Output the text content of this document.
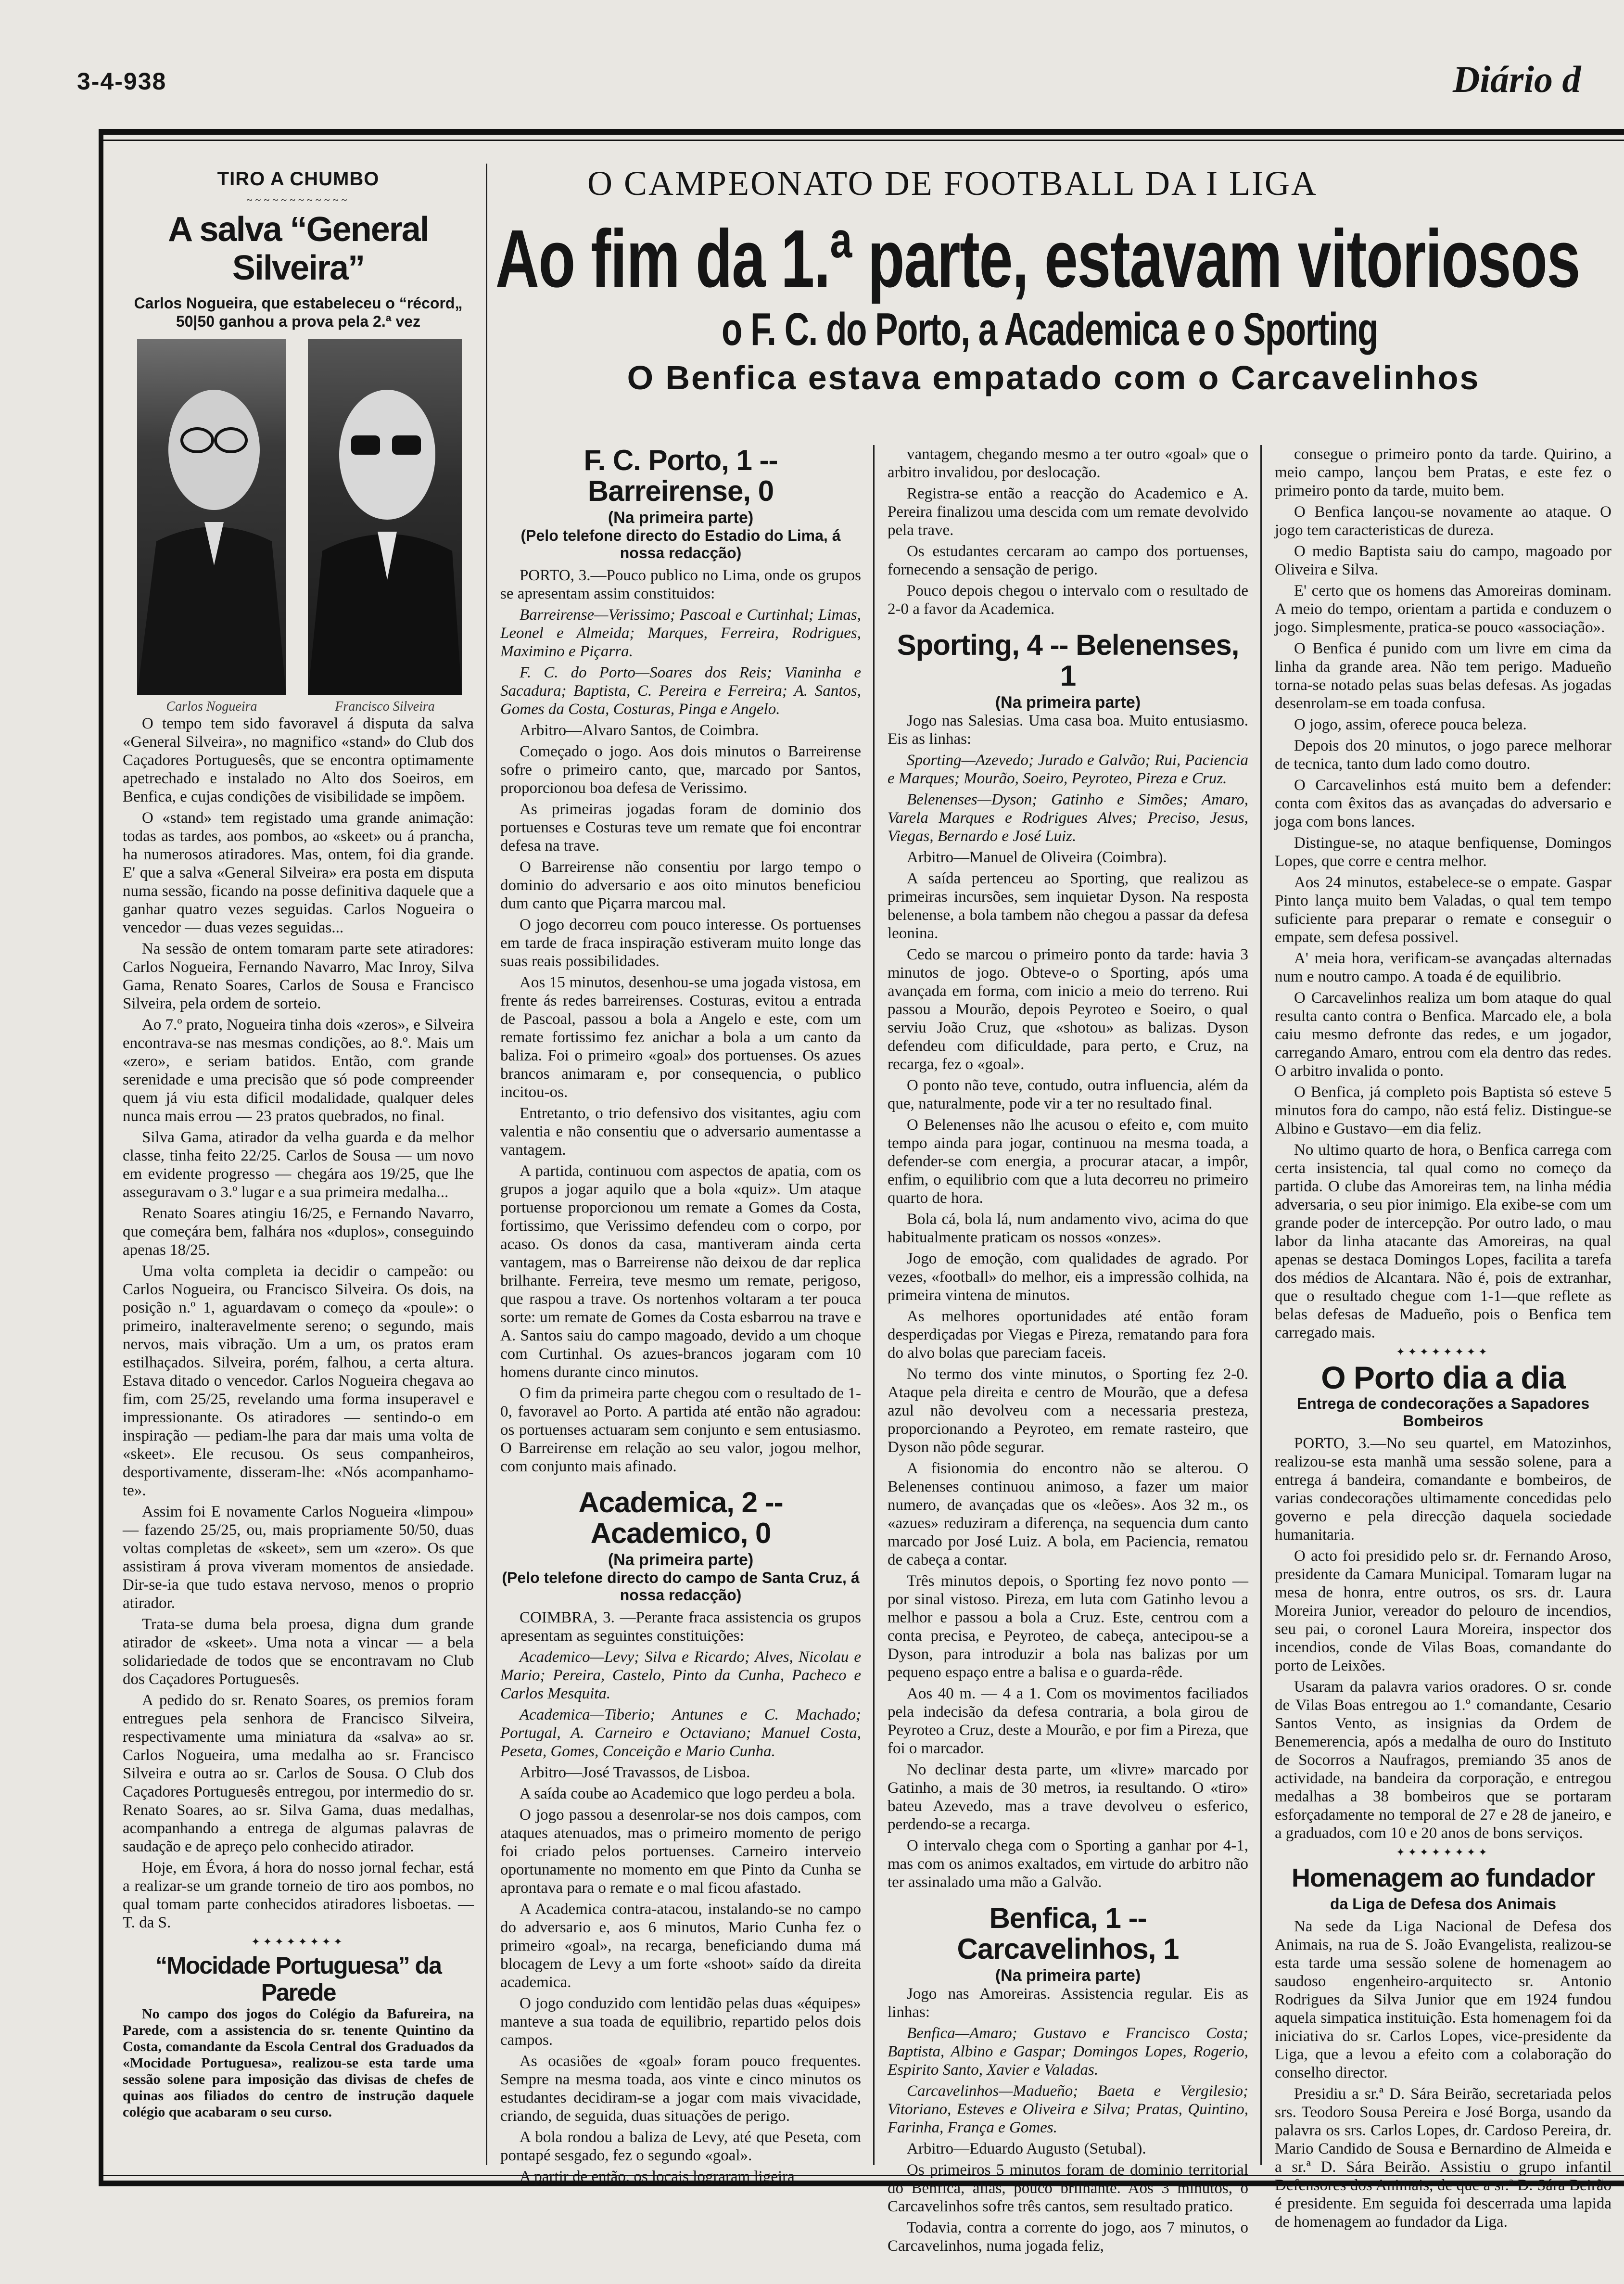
3-4-938	Diário d
TIRO A CHUMBO
~~~~~~~~~~~~
A salva “General Silveira”
Carlos Nogueira, que estabeleceu o “récord„ 50|50 ganhou a prova pela 2.ª vez
Carlos Nogueira	Francisco Silveira

O tempo tem sido favoravel á disputa da salva «General Silveira», no magnifico «stand» do Club dos Caçadores Portuguesês, que se encontra optimamente apetrechado e instalado no Alto dos Soeiros, em Benfica, e cujas condições de visibilidade se impõem.

O «stand» tem registado uma grande animação: todas as tardes, aos pombos, ao «skeet» ou á prancha, ha numerosos atiradores. Mas, ontem, foi dia grande. E' que a salva «General Silveira» era posta em disputa numa sessão, ficando na posse definitiva daquele que a ganhar quatro vezes seguidas. Carlos Nogueira o vencedor — duas vezes seguidas...

Na sessão de ontem tomaram parte sete atiradores: Carlos Nogueira, Fernando Navarro, Mac Inroy, Silva Gama, Renato Soares, Carlos de Sousa e Francisco Silveira, pela ordem de sorteio.

Ao 7.º prato, Nogueira tinha dois «zeros», e Silveira encontrava-se nas mesmas condições, ao 8.º. Mais um «zero», e seriam batidos. Então, com grande serenidade e uma precisão que só pode compreender quem já viu esta dificil modalidade, qualquer deles nunca mais errou — 23 pratos quebrados, no final.

Silva Gama, atirador da velha guarda e da melhor classe, tinha feito 22/25. Carlos de Sousa — um novo em evidente progresso — chegára aos 19/25, que lhe asseguravam o 3.º lugar e a sua primeira medalha...

Renato Soares atingiu 16/25, e Fernando Navarro, que começára bem, falhára nos «duplos», conseguindo apenas 18/25.

Uma volta completa ia decidir o campeão: ou Carlos Nogueira, ou Francisco Silveira. Os dois, na posição n.º 1, aguardavam o começo da «poule»: o primeiro, inalteravelmente sereno; o segundo, mais nervos, mais vibração. Um a um, os pratos eram estilhaçados. Silveira, porém, falhou, a certa altura. Estava ditado o vencedor. Carlos Nogueira chegava ao fim, com 25/25, revelando uma forma insuperavel e impressionante. Os atiradores — sentindo-o em inspiração — pediam-lhe para dar mais uma volta de «skeet». Ele recusou. Os seus companheiros, desportivamente, disseram-lhe: «Nós acompanhamo-te».

Assim foi E novamente Carlos Nogueira «limpou» — fazendo 25/25, ou, mais propriamente 50/50, duas voltas completas de «skeet», sem um «zero». Os que assistiram á prova viveram momentos de ansiedade. Dir-se-ia que tudo estava nervoso, menos o proprio atirador.

Trata-se duma bela proesa, digna dum grande atirador de «skeet». Uma nota a vincar — a bela solidariedade de todos que se encontravam no Club dos Caçadores Portuguesês.

A pedido do sr. Renato Soares, os premios foram entregues pela senhora de Francisco Silveira, respectivamente uma miniatura da «salva» ao sr. Carlos Nogueira, uma medalha ao sr. Francisco Silveira e outra ao sr. Carlos de Sousa. O Club dos Caçadores Portuguesês entregou, por intermedio do sr. Renato Soares, ao sr. Silva Gama, duas medalhas, acompanhando a entrega de algumas palavras de saudação e de apreço pelo conhecido atirador.

Hoje, em Évora, á hora do nosso jornal fechar, está a realizar-se um grande torneio de tiro aos pombos, no qual tomam parte conhecidos atiradores lisboetas. — T. da S.

✦✦✦✦✦✦✦✦
“Mocidade Portuguesa” da Parede

No campo dos jogos do Colégio da Bafureira, na Parede, com a assistencia do sr. tenente Quintino da Costa, comandante da Escola Central dos Graduados da «Mocidade Portuguesa», realizou-se esta tarde uma sessão solene para imposição das divisas de chefes de quinas aos filiados do centro de instrução daquele colégio que acabaram o seu curso.

O CAMPEONATO DE FOOTBALL DA I LIGA
Ao fim da 1.ª parte, estavam vitoriosos
o F. C. do Porto, a Academica e o Sporting
O Benfica estava empatado com o Carcavelinhos
F. C. Porto, 1 -- Barreirense, 0
(Na primeira parte)
(Pelo telefone directo do Estadio do Lima, á nossa redacção)

PORTO, 3.—Pouco publico no Lima, onde os grupos se apresentam assim constituidos:

Barreirense—Verissimo; Pascoal e Curtinhal; Limas, Leonel e Almeida; Marques, Ferreira, Rodrigues, Maximino e Piçarra.

F. C. do Porto—Soares dos Reis; Vianinha e Sacadura; Baptista, C. Pereira e Ferreira; A. Santos, Gomes da Costa, Costuras, Pinga e Angelo.

Arbitro—Alvaro Santos, de Coimbra.

Começado o jogo. Aos dois minutos o Barreirense sofre o primeiro canto, que, marcado por Santos, proporcionou boa defesa de Verissimo.

As primeiras jogadas foram de dominio dos portuenses e Costuras teve um remate que foi encontrar defesa na trave.

O Barreirense não consentiu por largo tempo o dominio do adversario e aos oito minutos beneficiou dum canto que Piçarra marcou mal.

O jogo decorreu com pouco interesse. Os portuenses em tarde de fraca inspiração estiveram muito longe das suas reais possibilidades.

Aos 15 minutos, desenhou-se uma jogada vistosa, em frente ás redes barreirenses. Costuras, evitou a entrada de Pascoal, passou a bola a Angelo e este, com um remate fortissimo fez anichar a bola a um canto da baliza. Foi o primeiro «goal» dos portuenses. Os azues brancos animaram e, por consequencia, o publico incitou-os.

Entretanto, o trio defensivo dos visitantes, agiu com valentia e não consentiu que o adversario aumentasse a vantagem.

A partida, continuou com aspectos de apatia, com os grupos a jogar aquilo que a bola «quiz». Um ataque portuense proporcionou um remate a Gomes da Costa, fortissimo, que Verissimo defendeu com o corpo, por acaso. Os donos da casa, mantiveram ainda certa vantagem, mas o Barreirense não deixou de dar replica brilhante. Ferreira, teve mesmo um remate, perigoso, que raspou a trave. Os nortenhos voltaram a ter pouca sorte: um remate de Gomes da Costa esbarrou na trave e A. Santos saiu do campo magoado, devido a um choque com Curtinhal. Os azues-brancos jogaram com 10 homens durante cinco minutos.

O fim da primeira parte chegou com o resultado de 1-0, favoravel ao Porto. A partida até então não agradou: os portuenses actuaram sem conjunto e sem entusiasmo. O Barreirense em relação ao seu valor, jogou melhor, com conjunto mais afinado.

Academica, 2 -- Academico, 0
(Na primeira parte)
(Pelo telefone directo do campo de Santa Cruz, á nossa redacção)

COIMBRA, 3. —Perante fraca assistencia os grupos apresentam as seguintes constituições:

Academico—Levy; Silva e Ricardo; Alves, Nicolau e Mario; Pereira, Castelo, Pinto da Cunha, Pacheco e Carlos Mesquita.

Academica—Tiberio; Antunes e C. Machado; Portugal, A. Carneiro e Octaviano; Manuel Costa, Peseta, Gomes, Conceição e Mario Cunha.

Arbitro—José Travassos, de Lisboa.

A saída coube ao Academico que logo perdeu a bola.

O jogo passou a desenrolar-se nos dois campos, com ataques atenuados, mas o primeiro momento de perigo foi criado pelos portuenses. Carneiro interveio oportunamente no momento em que Pinto da Cunha se aprontava para o remate e o mal ficou afastado.

A Academica contra-atacou, instalando-se no campo do adversario e, aos 6 minutos, Mario Cunha fez o primeiro «goal», na recarga, beneficiando duma má blocagem de Levy a um forte «shoot» saído da direita academica.

O jogo conduzido com lentidão pelas duas «équipes» manteve a sua toada de equilibrio, repartido pelos dois campos.

As ocasiões de «goal» foram pouco frequentes. Sempre na mesma toada, aos vinte e cinco minutos os estudantes decidiram-se a jogar com mais vivacidade, criando, de seguida, duas situações de perigo.

A bola rondou a baliza de Levy, até que Peseta, com pontapé sesgado, fez o segundo «goal».

A partir de então, os locais lograram ligeira

vantagem, chegando mesmo a ter outro «goal» que o arbitro invalidou, por deslocação.

Registra-se então a reacção do Academico e A. Pereira finalizou uma descida com um remate devolvido pela trave.

Os estudantes cercaram ao campo dos portuenses, fornecendo a sensação de perigo.

Pouco depois chegou o intervalo com o resultado de 2-0 a favor da Academica.

Sporting, 4 -- Belenenses, 1
(Na primeira parte)

Jogo nas Salesias. Uma casa boa. Muito entusiasmo. Eis as linhas:

Sporting—Azevedo; Jurado e Galvão; Rui, Paciencia e Marques; Mourão, Soeiro, Peyroteo, Pireza e Cruz.

Belenenses—Dyson; Gatinho e Simões; Amaro, Varela Marques e Rodrigues Alves; Preciso, Jesus, Viegas, Bernardo e José Luiz.

Arbitro—Manuel de Oliveira (Coimbra).

A saída pertenceu ao Sporting, que realizou as primeiras incursões, sem inquietar Dyson. Na resposta belenense, a bola tambem não chegou a passar da defesa leonina.

Cedo se marcou o primeiro ponto da tarde: havia 3 minutos de jogo. Obteve-o o Sporting, após uma avançada em forma, com inicio a meio do terreno. Rui passou a Mourão, depois Peyroteo e Soeiro, o qual serviu João Cruz, que «shotou» as balizas. Dyson defendeu com dificuldade, para perto, e Cruz, na recarga, fez o «goal».

O ponto não teve, contudo, outra influencia, além da que, naturalmente, pode vir a ter no resultado final.

O Belenenses não lhe acusou o efeito e, com muito tempo ainda para jogar, continuou na mesma toada, a defender-se com energia, a procurar atacar, a impôr, enfim, o equilibrio com que a luta decorreu no primeiro quarto de hora.

Bola cá, bola lá, num andamento vivo, acima do que habitualmente praticam os nossos «onzes».

Jogo de emoção, com qualidades de agrado. Por vezes, «football» do melhor, eis a impressão colhida, na primeira vintena de minutos.

As melhores oportunidades até então foram desperdiçadas por Viegas e Pireza, rematando para fora do alvo bolas que pareciam faceis.

No termo dos vinte minutos, o Sporting fez 2-0. Ataque pela direita e centro de Mourão, que a defesa azul não devolveu com a necessaria presteza, proporcionando a Peyroteo, em remate rasteiro, que Dyson não pôde segurar.

A fisionomia do encontro não se alterou. O Belenenses continuou animoso, a fazer um maior numero, de avançadas que os «leões». Aos 32 m., os «azues» reduziram a diferença, na sequencia dum canto marcado por José Luiz. A bola, em Paciencia, rematou de cabeça a contar.

Três minutos depois, o Sporting fez novo ponto — por sinal vistoso. Pireza, em luta com Gatinho levou a melhor e passou a bola a Cruz. Este, centrou com a conta precisa, e Peyroteo, de cabeça, antecipou-se a Dyson, para introduzir a bola nas balizas por um pequeno espaço entre a balisa e o guarda-rêde.

Aos 40 m. — 4 a 1. Com os movimentos faciliados pela indecisão da defesa contraria, a bola girou de Peyroteo a Cruz, deste a Mourão, e por fim a Pireza, que foi o marcador.

No declinar desta parte, um «livre» marcado por Gatinho, a mais de 30 metros, ia resultando. O «tiro» bateu Azevedo, mas a trave devolveu o esferico, perdendo-se a recarga.

O intervalo chega com o Sporting a ganhar por 4-1, mas com os animos exaltados, em virtude do arbitro não ter assinalado uma mão a Galvão.

Benfica, 1 -- Carcavelinhos, 1
(Na primeira parte)

Jogo nas Amoreiras. Assistencia regular. Eis as linhas:

Benfica—Amaro; Gustavo e Francisco Costa; Baptista, Albino e Gaspar; Domingos Lopes, Rogerio, Espirito Santo, Xavier e Valadas.

Carcavelinhos—Madueño; Baeta e Vergilesio; Vitoriano, Esteves e Oliveira e Silva; Pratas, Quintino, Farinha, França e Gomes.

Arbitro—Eduardo Augusto (Setubal).

Os primeiros 5 minutos foram de dominio territorial do Benfica, aliás, pouco brilhante. Aos 3 minutos, o Carcavelinhos sofre três cantos, sem resultado pratico.

Todavia, contra a corrente do jogo, aos 7 minutos, o Carcavelinhos, numa jogada feliz,

consegue o primeiro ponto da tarde. Quirino, a meio campo, lançou bem Pratas, e este fez o primeiro ponto da tarde, muito bem.

O Benfica lançou-se novamente ao ataque. O jogo tem caracteristicas de dureza.

O medio Baptista saiu do campo, magoado por Oliveira e Silva.

E' certo que os homens das Amoreiras dominam. A meio do tempo, orientam a partida e conduzem o jogo. Simplesmente, pratica-se pouco «associação».

O Benfica é punido com um livre em cima da linha da grande area. Não tem perigo. Madueño torna-se notado pelas suas belas defesas. As jogadas desenrolam-se em toada confusa.

O jogo, assim, oferece pouca beleza.

Depois dos 20 minutos, o jogo parece melhorar de tecnica, tanto dum lado como doutro.

O Carcavelinhos está muito bem a defender: conta com êxitos das as avançadas do adversario e joga com bons lances.

Distingue-se, no ataque benfiquense, Domingos Lopes, que corre e centra melhor.

Aos 24 minutos, estabelece-se o empate. Gaspar Pinto lança muito bem Valadas, o qual tem tempo suficiente para preparar o remate e conseguir o empate, sem defesa possivel.

A' meia hora, verificam-se avançadas alternadas num e noutro campo. A toada é de equilibrio.

O Carcavelinhos realiza um bom ataque do qual resulta canto contra o Benfica. Marcado ele, a bola caiu mesmo defronte das redes, e um jogador, carregando Amaro, entrou com ela dentro das redes. O arbitro invalida o ponto.

O Benfica, já completo pois Baptista só esteve 5 minutos fora do campo, não está feliz. Distingue-se Albino e Gustavo—em dia feliz.

No ultimo quarto de hora, o Benfica carrega com certa insistencia, tal qual como no começo da partida. O clube das Amoreiras tem, na linha média adversaria, o seu pior inimigo. Ela exibe-se com um grande poder de intercepção. Por outro lado, o mau labor da linha atacante das Amoreiras, na qual apenas se destaca Domingos Lopes, facilita a tarefa dos médios de Alcantara. Não é, pois de extranhar, que o resultado chegue com 1-1—que reflete as belas defesas de Madueño, pois o Benfica tem carregado mais.

✦✦✦✦✦✦✦✦
O Porto dia a dia
Entrega de condecorações a Sapadores Bombeiros

PORTO, 3.—No seu quartel, em Matozinhos, realizou-se esta manhã uma sessão solene, para a entrega á bandeira, comandante e bombeiros, de varias condecorações ultimamente concedidas pelo governo e pela direcção daquela sociedade humanitaria.

O acto foi presidido pelo sr. dr. Fernando Aroso, presidente da Camara Municipal. Tomaram lugar na mesa de honra, entre outros, os srs. dr. Laura Moreira Junior, vereador do pelouro de incendios, seu pai, o coronel Laura Moreira, inspector dos incendios, conde de Vilas Boas, comandante do porto de Leixões.

Usaram da palavra varios oradores. O sr. conde de Vilas Boas entregou ao 1.º comandante, Cesario Santos Vento, as insignias da Ordem de Benemerencia, após a medalha de ouro do Instituto de Socorros a Naufragos, premiando 35 anos de actividade, na bandeira da corporação, e entregou medalhas a 38 bombeiros que se portaram esforçadamente no temporal de 27 e 28 de janeiro, e a graduados, com 10 e 20 anos de bons serviços.

✦✦✦✦✦✦✦✦
Homenagem ao fundador
da Liga de Defesa dos Animais

Na sede da Liga Nacional de Defesa dos Animais, na rua de S. João Evangelista, realizou-se esta tarde uma sessão solene de homenagem ao saudoso engenheiro-arquitecto sr. Antonio Rodrigues da Silva Junior que em 1924 fundou aquela simpatica instituição. Esta homenagem foi da iniciativa do sr. Carlos Lopes, vice-presidente da Liga, que a levou a efeito com a colaboração do conselho director.

Presidiu a sr.ª D. Sára Beirão, secretariada pelos srs. Teodoro Sousa Pereira e José Borga, usando da palavra os srs. Carlos Lopes, dr. Cardoso Pereira, dr. Mario Candido de Sousa e Bernardino de Almeida e a sr.ª D. Sára Beirão. Assistiu o grupo infantil Defensores dos Animais, de que a sr.ª D. Sára Beirão é presidente. Em seguida foi descerrada uma lapida de homenagem ao fundador da Liga.
